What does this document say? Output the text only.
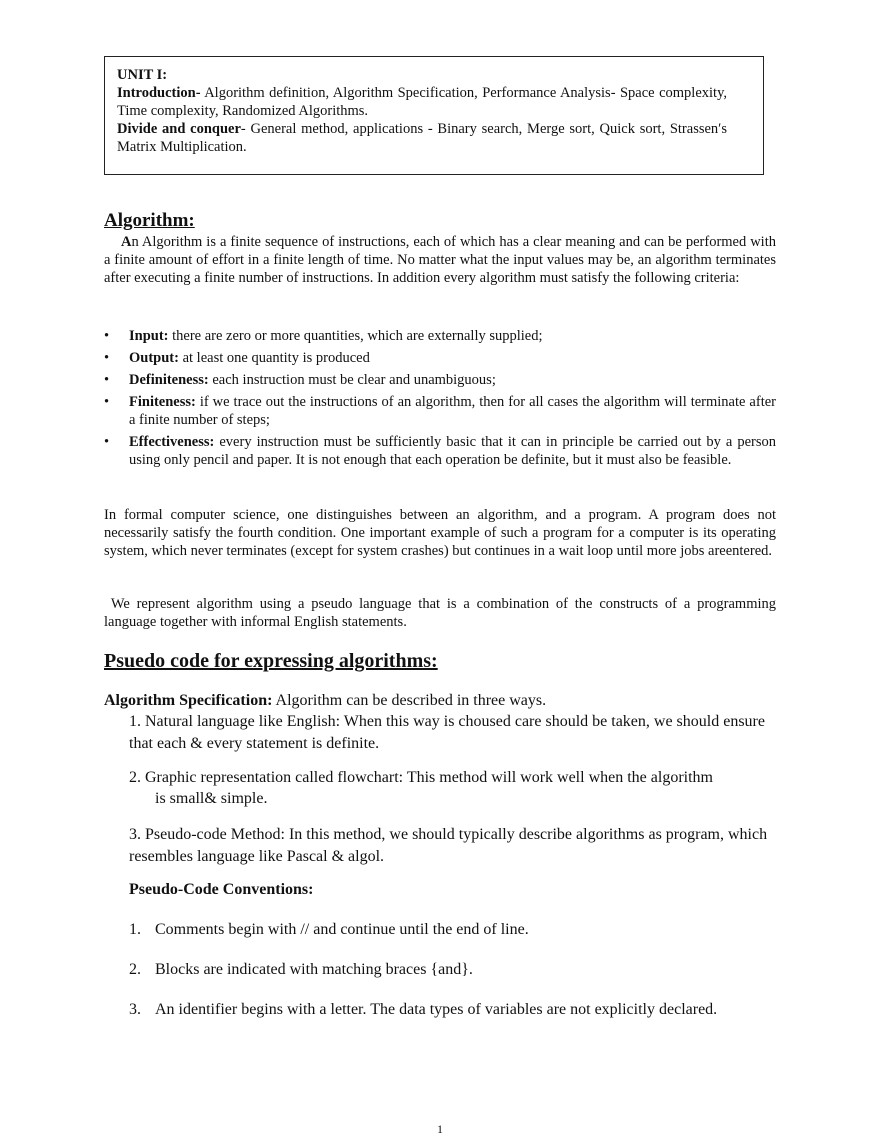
UNIT I:
Introduction- Algorithm definition, Algorithm Specification, Performance Analysis- Space complexity, Time complexity, Randomized Algorithms.
Divide and conquer- General method, applications - Binary search, Merge sort, Quick sort, Strassen′s Matrix Multiplication.
Algorithm:
An Algorithm is a finite sequence of instructions, each of which has a clear meaning and can be performed with a finite amount of effort in a finite length of time. No matter what the input values may be, an algorithm terminates after executing a finite number of instructions. In addition every algorithm must satisfy the following criteria:
• Input: there are zero or more quantities, which are externally supplied;
• Output: at least one quantity is produced
• Definiteness: each instruction must be clear and unambiguous;
• Finiteness: if we trace out the instructions of an algorithm, then for all cases the algorithm will terminate after a finite number of steps;
• Effectiveness: every instruction must be sufficiently basic that it can in principle be carried out by a person using only pencil and paper. It is not enough that each operation be definite, but it must also be feasible.
In formal computer science, one distinguishes between an algorithm, and a program. A program does not necessarily satisfy the fourth condition. One important example of such a program for a computer is its operating system, which never terminates (except for system crashes) but continues in a wait loop until more jobs areentered.
We represent algorithm using a pseudo language that is a combination of the constructs of a programming language together with informal English statements.
Psuedo code for expressing algorithms:
Algorithm Specification: Algorithm can be described in three ways.
1. Natural language like English: When this way is choused care should be taken, we should ensure that each & every statement is definite.
2. Graphic representation called flowchart: This method will work well when the algorithm
is small& simple.
3. Pseudo-code Method: In this method, we should typically describe algorithms as program, which resembles language like Pascal & algol.
Pseudo-Code Conventions:
1. Comments begin with // and continue until the end of line.
2. Blocks are indicated with matching braces {and}.
3. An identifier begins with a letter. The data types of variables are not explicitly declared.
1
